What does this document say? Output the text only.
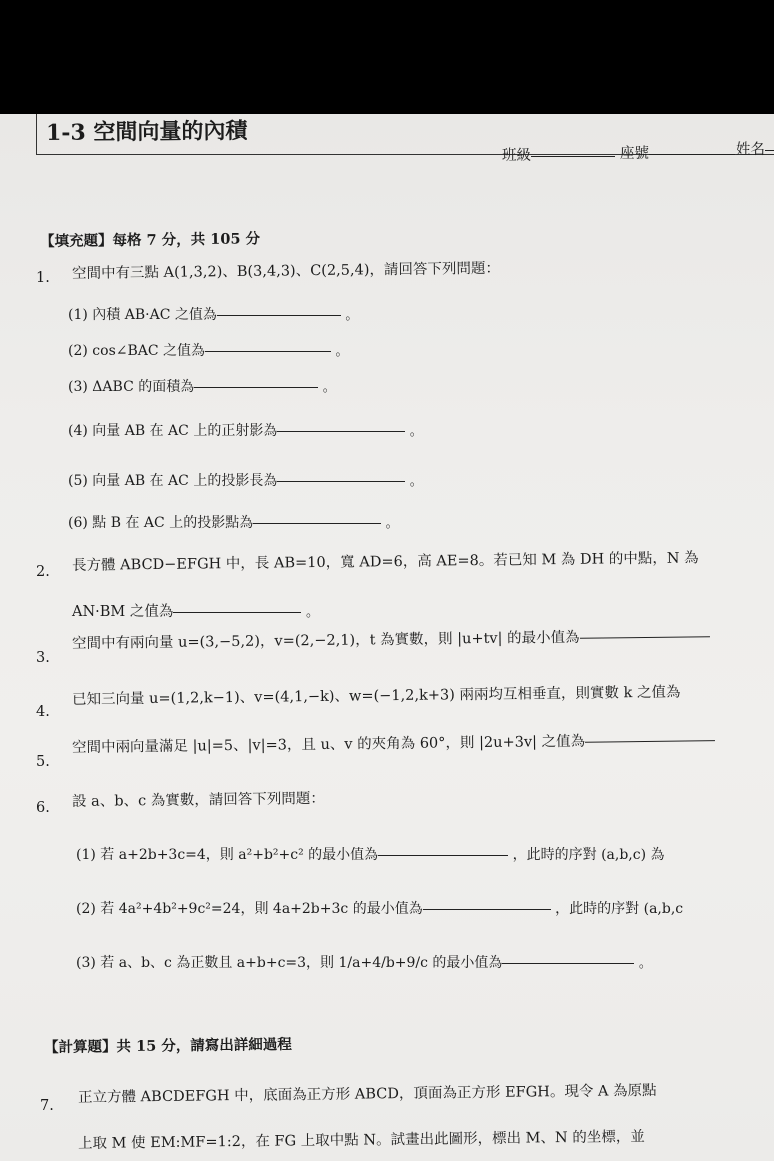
1-3 空間向量的內積
班級	座號	姓名
【填充題】每格 7 分，共 105 分
1. 空間中有三點 A(1,3,2)、B(3,4,3)、C(2,5,4)，請回答下列問題：
(1) 內積 AB·AC 之值為	。
(2) cos∠BAC 之值為	。
(3) ΔABC 的面積為	。
(4) 向量 AB 在 AC 上的正射影為	。
(5) 向量 AB 在 AC 上的投影長為	。
(6) 點 B 在 AC 上的投影點為	。
2. 長方體 ABCD−EFGH 中，長 AB=10，寬 AD=6，高 AE=8。若已知 M 為 DH 的中點，N 為
AN·BM 之值為	。
3.
空間中有兩向量 u=(3,−5,2)，v=(2,−2,1)，t 為實數，則 |u+tv| 的最小值為
4.
已知三向量 u=(1,2,k−1)、v=(4,1,−k)、w=(−1,2,k+3) 兩兩均互相垂直，則實數 k 之值為
5.
空間中兩向量滿足 |u|=5、|v|=3，且 u、v 的夾角為 60°，則 |2u+3v| 之值為
6. 設 a、b、c 為實數，請回答下列問題：
(1) 若 a+2b+3c=4，則 a²+b²+c² 的最小值為	，此時的序對 (a,b,c) 為
(2) 若 4a²+4b²+9c²=24，則 4a+2b+3c 的最小值為	，此時的序對 (a,b,c
(3) 若 a、b、c 為正數且 a+b+c=3，則 1/a+4/b+9/c 的最小值為	。
【計算題】共 15 分，請寫出詳細過程
7.
正立方體 ABCDEFGH 中，底面為正方形 ABCD，頂面為正方形 EFGH。現令 A 為原點
上取 M 使 EM:MF=1:2，在 FG 上取中點 N。試畫出此圖形，標出 M、N 的坐標，並
